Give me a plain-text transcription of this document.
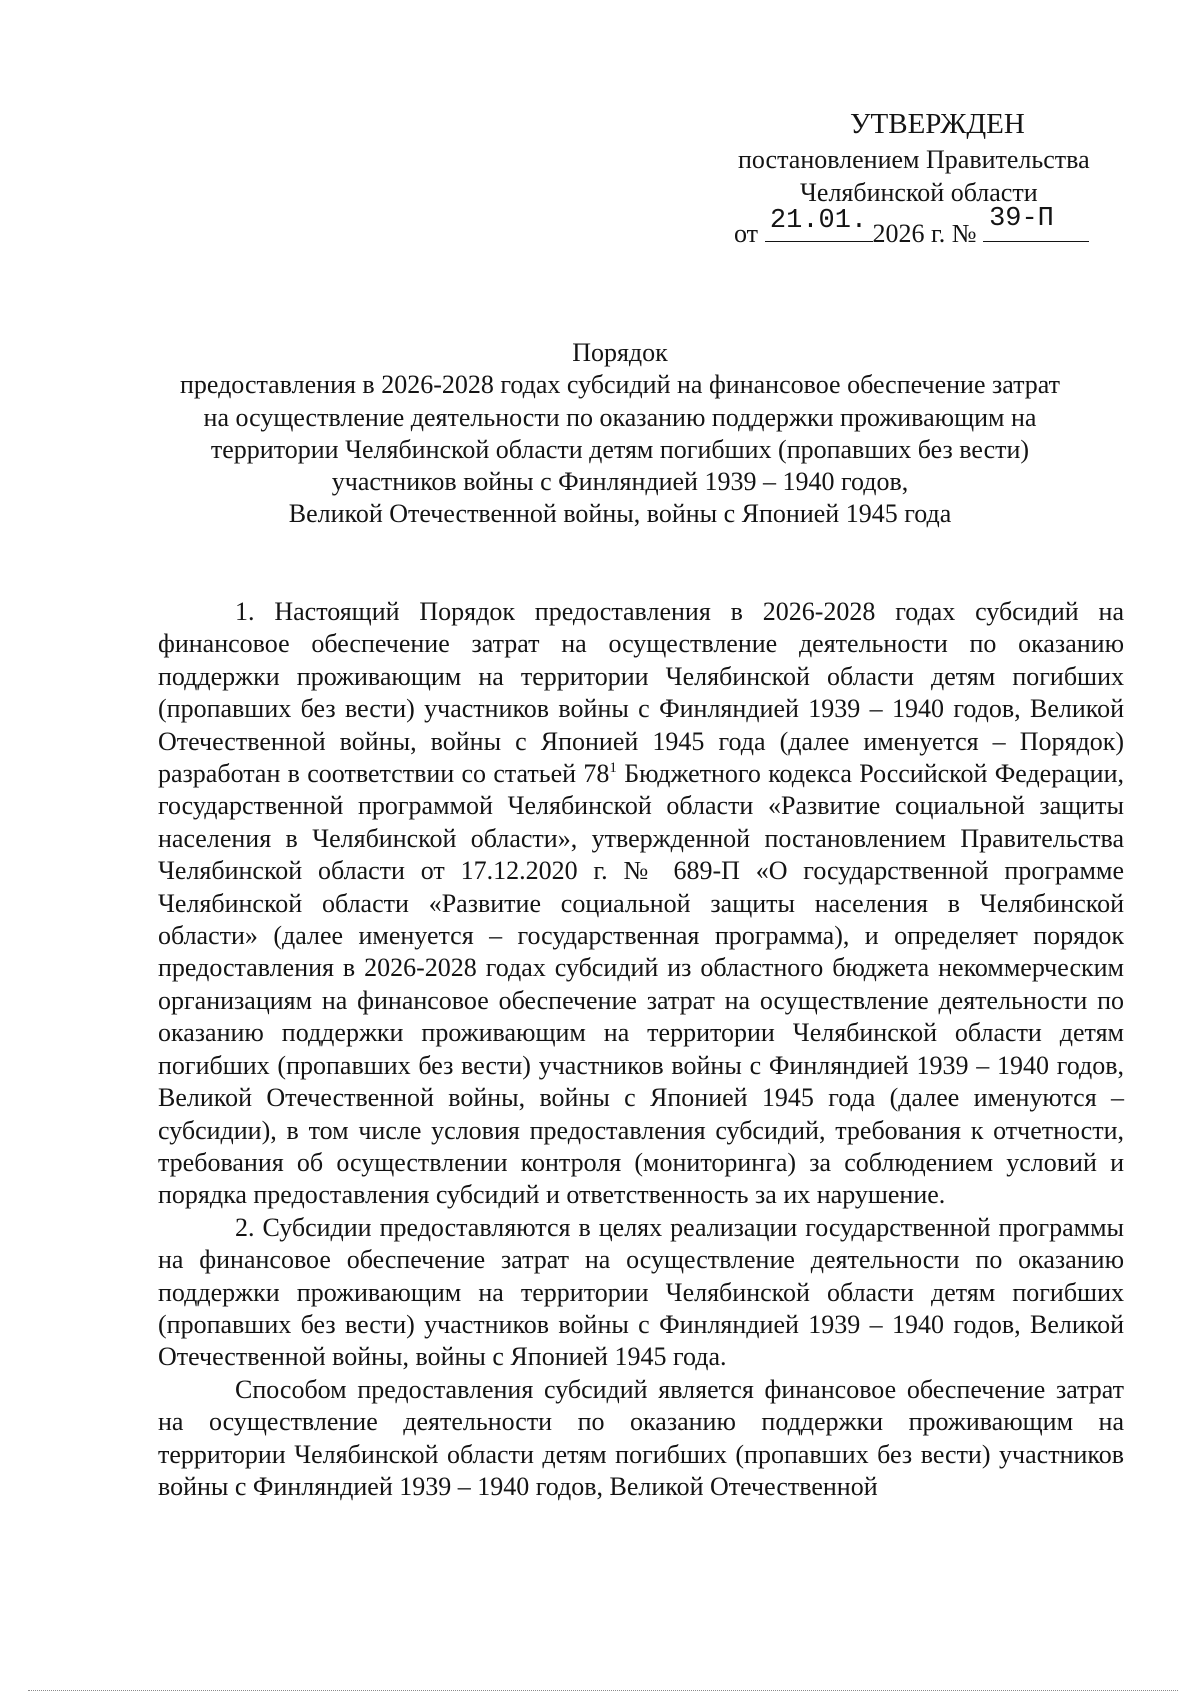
УТВЕРЖДЕН
постановлением Правительства
Челябинской области
от 21.01. 2026 г. № 39-П
Порядок
предоставления в 2026-2028 годах субсидий на финансовое обеспечение затрат
на осуществление деятельности по оказанию поддержки проживающим на
территории Челябинской области детям погибших (пропавших без вести)
участников войны с Финляндией 1939 – 1940 годов,
Великой Отечественной войны, войны с Японией 1945 года

1. Настоящий Порядок предоставления в 2026-2028 годах субсидий на финансовое обеспечение затрат на осуществление деятельности по оказанию поддержки проживающим на территории Челябинской области детям погибших (пропавших без вести) участников войны с Финляндией 1939 – 1940 годов, Великой Отечественной войны, войны с Японией 1945 года (далее именуется – Порядок) разработан в соответствии со статьей $78^1$ Бюджетного кодекса Российской Федерации, государственной программой Челябинской области «Развитие социальной защиты населения в Челябинской области», утвержденной постановлением Правительства Челябинской области от 17.12.2020 г. № 689-П «О государственной программе Челябинской области «Развитие социальной защиты населения в Челябинской области» (далее именуется – государственная программа), и определяет порядок предоставления в 2026-2028 годах субсидий из областного бюджета некоммерческим организациям на финансовое обеспечение затрат на осуществление деятельности по оказанию поддержки проживающим на территории Челябинской области детям погибших (пропавших без вести) участников войны с Финляндией 1939 – 1940 годов, Великой Отечественной войны, войны с Японией 1945 года (далее именуются – субсидии), в том числе условия предоставления субсидий, требования к отчетности, требования об осуществлении контроля (мониторинга) за соблюдением условий и порядка предоставления субсидий и ответственность за их нарушение.

2. Субсидии предоставляются в целях реализации государственной программы на финансовое обеспечение затрат на осуществление деятельности по оказанию поддержки проживающим на территории Челябинской области детям погибших (пропавших без вести) участников войны с Финляндией 1939 – 1940 годов, Великой Отечественной войны, войны с Японией 1945 года.

Способом предоставления субсидий является финансовое обеспечение затрат на осуществление деятельности по оказанию поддержки проживающим на территории Челябинской области детям погибших (пропавших без вести) участников войны с Финляндией 1939 – 1940 годов, Великой Отечественной
